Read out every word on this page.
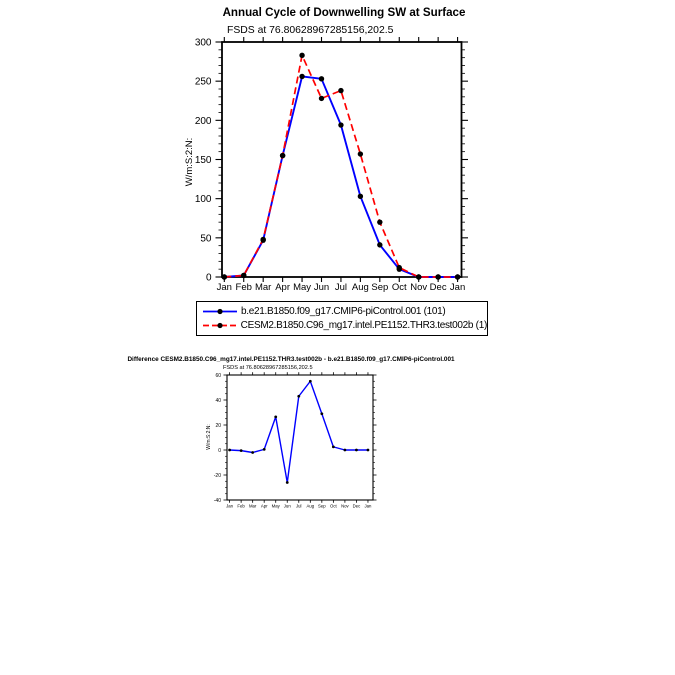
0
50
100
150
200
250
300
Jan Feb Mar Apr May Jun Jul Aug Sep Oct Nov Dec Jan
-40
-20
0
20
40
60
Jan Feb Mar Apr May Jun Jul Aug Sep Oct Nov Dec Jan
Annual Cycle of Downwelling SW at Surface
FSDS at 76.80628967285156,202.5
W/m:S:2:N:
b.e21.B1850.f09_g17.CMIP6-piControl.001 (101)
CESM2.B1850.C96_mg17.intel.PE1152.THR3.test002b (1)
Difference CESM2.B1850.C96_mg17.intel.PE1152.THR3.test002b - b.e21.B1850.f09_g17.CMIP6-piControl.001
FSDS at 76.80628967285156,202.5
W/m:S:2:N:
